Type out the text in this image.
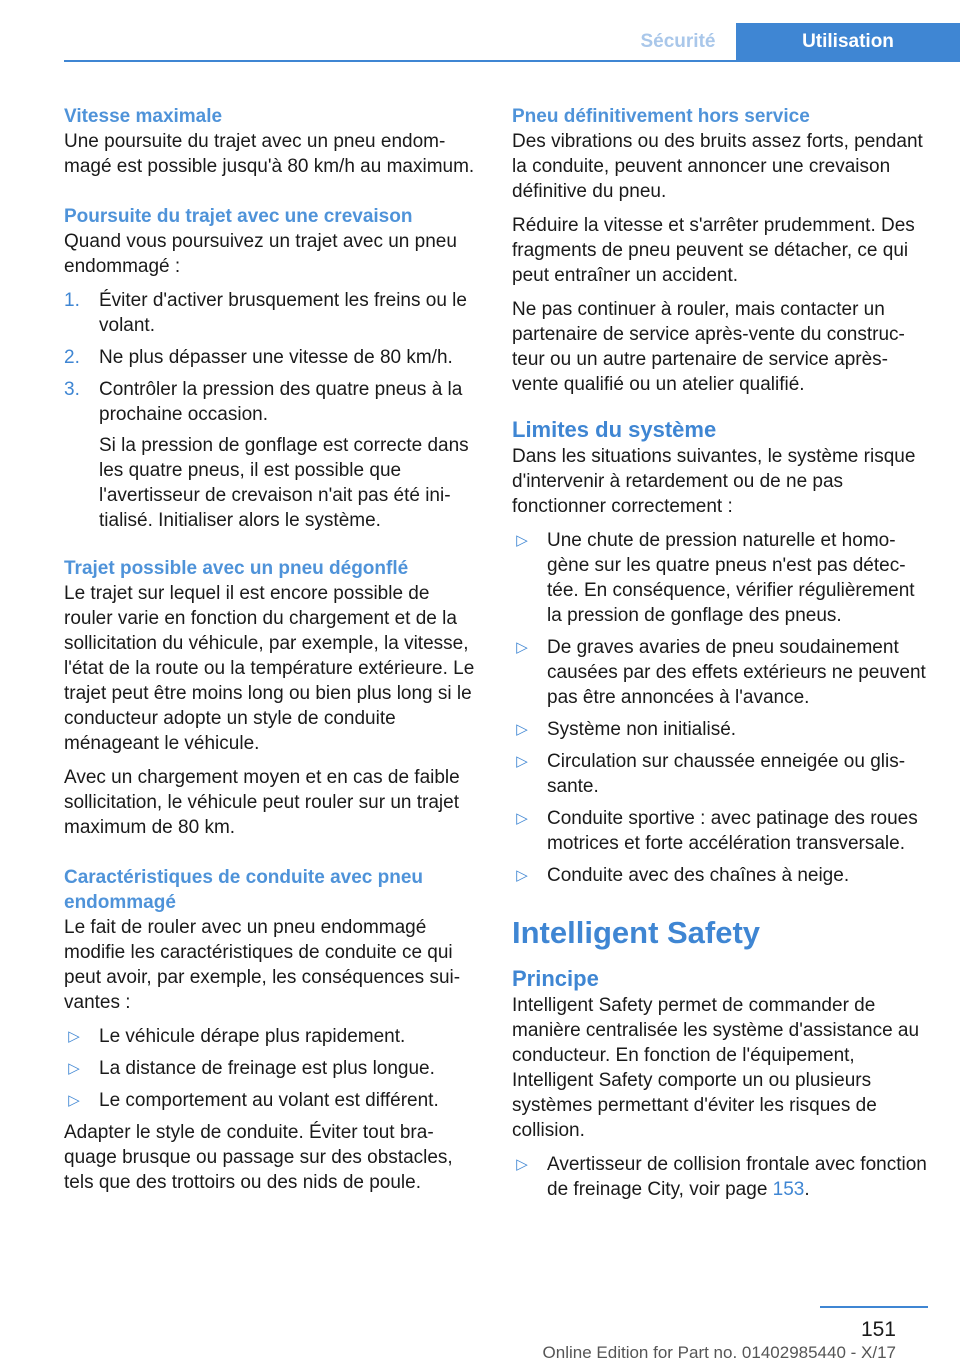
Sécurité	Utilisation
Vitesse maximale

Une poursuite du trajet avec un pneu endommagé est possible jusqu'à 80 km/h au maximum.

Poursuite du trajet avec une crevaison

Quand vous poursuivez un trajet avec un pneu endommagé :

1. Éviter d'activer brusquement les freins ou le volant.
2. Ne plus dépasser une vitesse de 80 km/h.
3. Contrôler la pression des quatre pneus à la prochaine occasion.
Si la pression de gonflage est correcte dans les quatre pneus, il est possible que l'avertisseur de crevaison n'ait pas été initialisé. Initialiser alors le système.
Trajet possible avec un pneu dégonflé

Le trajet sur lequel il est encore possible de rouler varie en fonction du chargement et de la sollicitation du véhicule, par exemple, la vitesse, l'état de la route ou la température extérieure. Le trajet peut être moins long ou bien plus long si le conducteur adopte un style de conduite ménageant le véhicule.

Avec un chargement moyen et en cas de faible sollicitation, le véhicule peut rouler sur un trajet maximum de 80 km.

Caractéristiques de conduite avec pneu endommagé

Le fait de rouler avec un pneu endommagé modifie les caractéristiques de conduite ce qui peut avoir, par exemple, les conséquences suivantes :

▷ Le véhicule dérape plus rapidement.
▷ La distance de freinage est plus longue.
▷ Le comportement au volant est différent.

Adapter le style de conduite. Éviter tout braquage brusque ou passage sur des obstacles, tels que des trottoirs ou des nids de poule.

Pneu définitivement hors service

Des vibrations ou des bruits assez forts, pendant la conduite, peuvent annoncer une crevaison définitive du pneu.

Réduire la vitesse et s'arrêter prudemment. Des fragments de pneu peuvent se détacher, ce qui peut entraîner un accident.

Ne pas continuer à rouler, mais contacter un partenaire de service après-vente du constructeur ou un autre partenaire de service après-vente qualifié ou un atelier qualifié.

Limites du système

Dans les situations suivantes, le système risque d'intervenir à retardement ou de ne pas fonctionner correctement :

▷ Une chute de pression naturelle et homogène sur les quatre pneus n'est pas détectée. En conséquence, vérifier régulièrement la pression de gonflage des pneus.
▷ De graves avaries de pneu soudainement causées par des effets extérieurs ne peuvent pas être annoncées à l'avance.
▷ Système non initialisé.
▷ Circulation sur chaussée enneigée ou glissante.
▷ Conduite sportive : avec patinage des roues motrices et forte accélération transversale.
▷ Conduite avec des chaînes à neige.
Intelligent Safety
Principe

Intelligent Safety permet de commander de manière centralisée les système d'assistance au conducteur. En fonction de l'équipement, Intelligent Safety comporte un ou plusieurs systèmes permettant d'éviter les risques de collision.

▷ Avertisseur de collision frontale avec fonction de freinage City, voir page 153.
151
Online Edition for Part no. 01402985440 - X/17
